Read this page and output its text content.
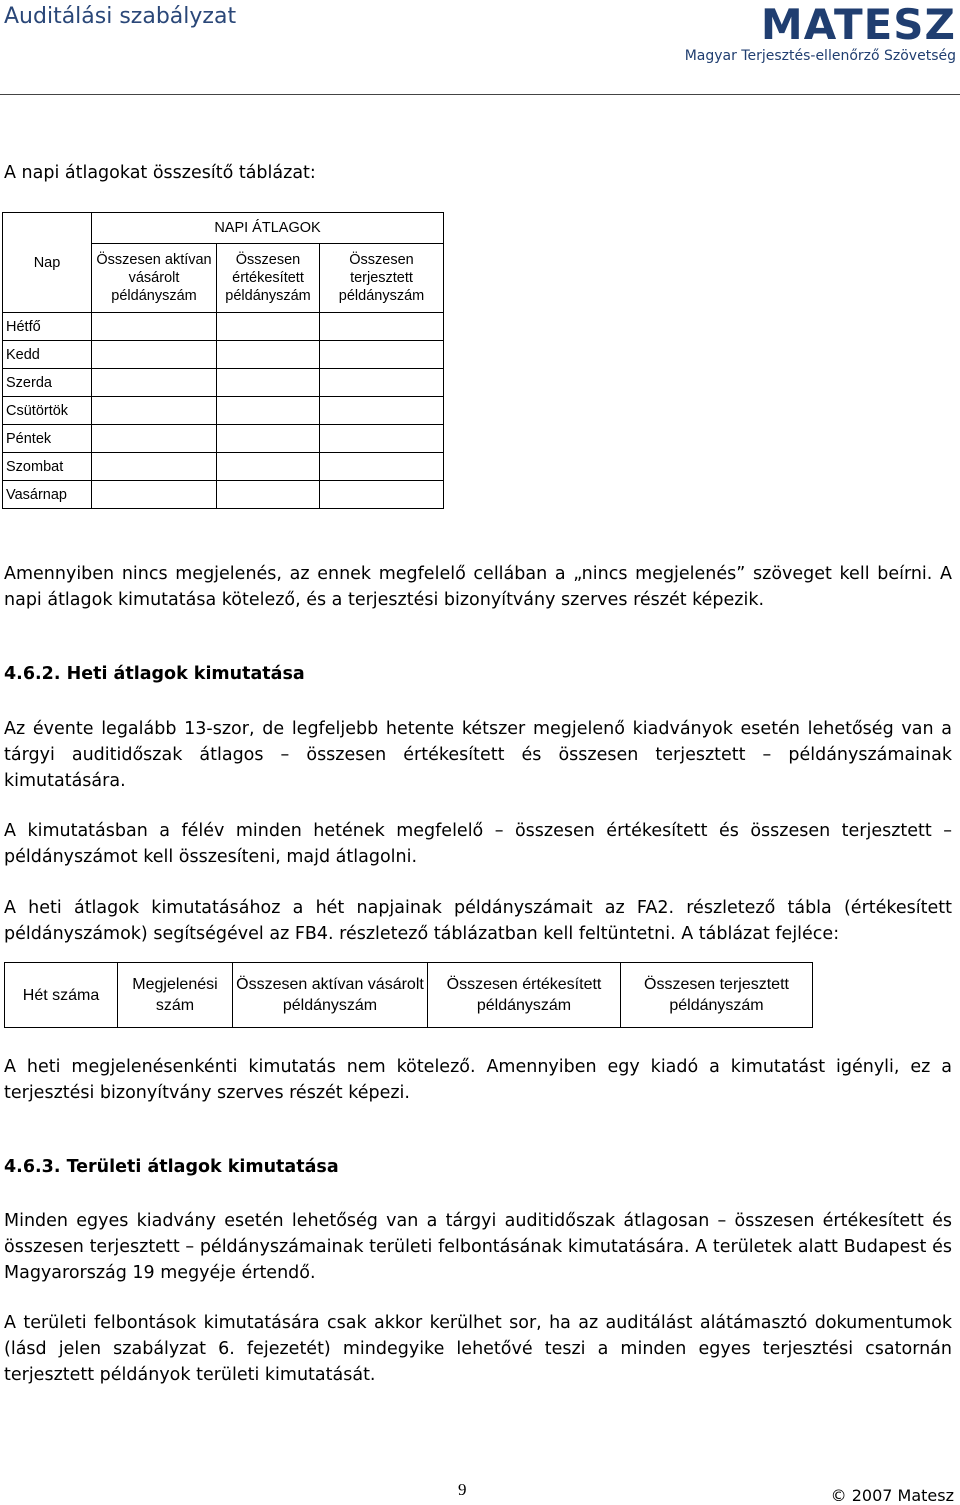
Auditálási szabályzat	MATESZ
Magyar Terjesztés-ellenőrző Szövetség
A napi átlagokat összesítő táblázat:
Nap	NAPI ÁTLAGOK		
	Összesen aktívan vásárolt példányszám	Összesen értékesített példányszám	Összesen terjesztett példányszám
Hétfő			
Kedd			
Szerda			
Csütörtök			
Péntek			
Szombat			
Vasárnap			
Amennyiben nincs megjelenés, az ennek megfelelő cellában a „nincs megjelenés” szöveget kell beírni. A napi átlagok kimutatása kötelező, és a terjesztési bizonyítvány szerves részét képezik.
4.6.2. Heti átlagok kimutatása
Az évente legalább 13-szor, de legfeljebb hetente kétszer megjelenő kiadványok esetén lehetőség van a tárgyi auditidőszak átlagos – összesen értékesített és összesen terjesztett – példányszámainak kimutatására.
A kimutatásban a félév minden hetének megfelelő – összesen értékesített és összesen terjesztett – példányszámot kell összesíteni, majd átlagolni.
A heti átlagok kimutatásához a hét napjainak példányszámait az FA2. részletező tábla (értékesített példányszámok) segítségével az FB4. részletező táblázatban kell feltüntetni. A táblázat fejléce:
Hét száma	Megjelenési szám	Összesen aktívan vásárolt példányszám	Összesen értékesített példányszám	Összesen terjesztett példányszám
A heti megjelenésenkénti kimutatás nem kötelező. Amennyiben egy kiadó a kimutatást igényli, ez a terjesztési bizonyítvány szerves részét képezi.
4.6.3. Területi átlagok kimutatása
Minden egyes kiadvány esetén lehetőség van a tárgyi auditidőszak átlagosan – összesen értékesített és összesen terjesztett – példányszámainak területi felbontásának kimutatására. A területek alatt Budapest és Magyarország 19 megyéje értendő.
A területi felbontások kimutatására csak akkor kerülhet sor, ha az auditálást alátámasztó dokumentumok (lásd jelen szabályzat 6. fejezetét) mindegyike lehetővé teszi a minden egyes terjesztési csatornán terjesztett példányok területi kimutatását.
9	© 2007 Matesz
